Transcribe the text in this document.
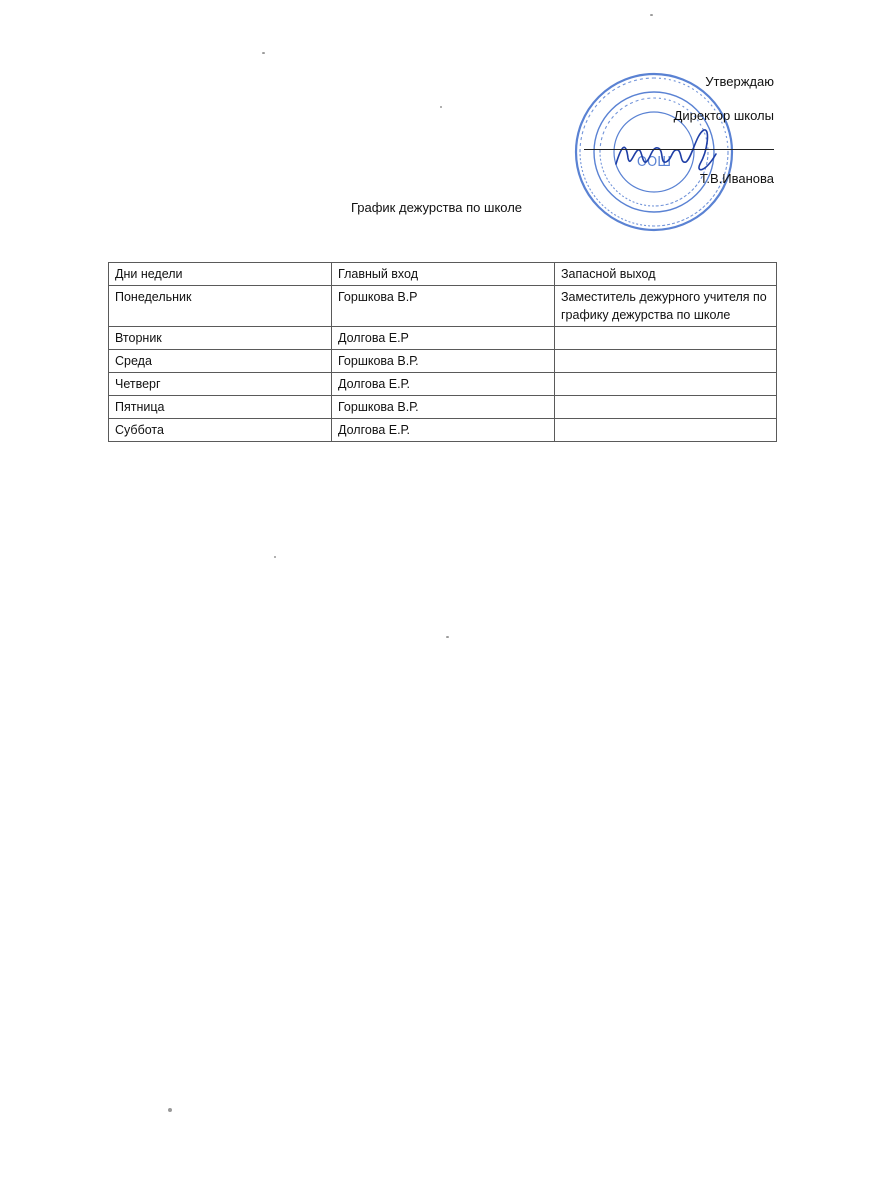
ООШ
Утверждаю
Директор школы
Т.В.Иванова
График дежурства по школе
Дни недели	Главный вход	Запасной выход
Понедельник	Горшкова В.Р	Заместитель дежурного учителя по графику дежурства по школе
Вторник	Долгова Е.Р	
Среда	Горшкова В.Р.	
Четверг	Долгова Е.Р.	
Пятница	Горшкова В.Р.	
Суббота	Долгова Е.Р.	
